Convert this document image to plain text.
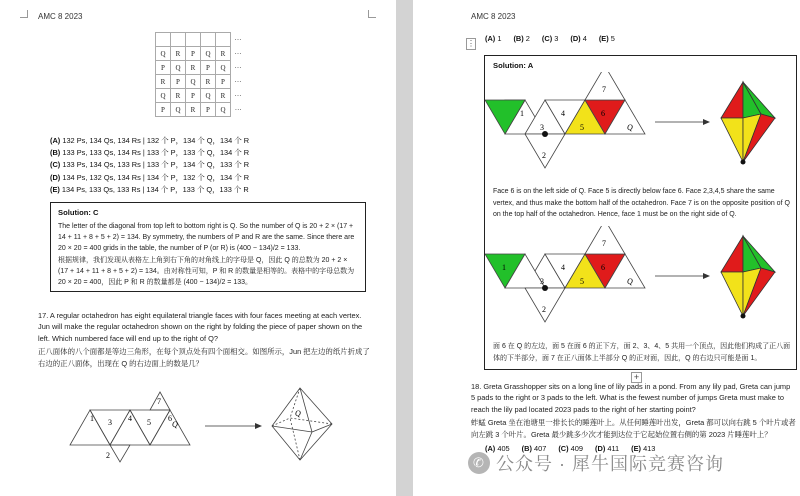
AMC 8 2023
					⋯
Q	R	P	Q	R	⋯
P	Q	R	P	Q	⋯
R	P	Q	R	P	⋯
Q	R	P	Q	R	⋯
P	Q	R	P	Q	⋯
(A) 132 Ps, 134 Qs, 134 Rs | 132 个 P，134 个 Q，134 个 R
(B) 133 Ps, 133 Qs, 134 Rs | 133 个 P，133 个 Q，134 个 R
(C) 133 Ps, 134 Qs, 133 Rs | 133 个 P，134 个 Q，133 个 R
(D) 134 Ps, 132 Qs, 134 Rs | 134 个 P，132 个 Q，134 个 R
(E) 134 Ps, 133 Qs, 133 Rs | 134 个 P，133 个 Q，133 个 R
Solution: C
The letter of the diagonal from top left to bottom right is Q. So the number of Q is 20 + 2 × (17 + 14 + 11 + 8 + 5 + 2) = 134. By symmetry, the numbers of P and R are the same. Since there are 20 × 20 = 400 grids in the table, the number of P (or R) is (400 − 134)/2 = 133.
根据规律，我们发现从表格左上角到右下角的对角线上的字母是 Q，因此 Q 的总数为 20 + 2 × (17 + 14 + 11 + 8 + 5 + 2) = 134。由对称性可知，P 和 R 的数量是相等的。表格中的字母总数为 20 × 20 = 400，因此 P 和 R 的数量都是 (400 − 134)/2 = 133。
17. A regular octahedron has eight equilateral triangle faces with four faces meeting at each vertex. Jun will make the regular octahedron shown on the right by folding the piece of paper shown on the left. Which numbered face will end up to the right of Q?
正八面体的八个面都是等边三角形，在每个顶点处有四个面相交。如图所示，Jun 把左边的纸片折成了右边的正八面体，出现在 Q 的右边面上的数是几？
1 3 4 5 6
7
2
Q
Q
AMC 8 2023
⋮
(A) 1 (B) 2 (C) 3 (D) 4 (E) 5
Solution: A
3
4
5
6
7
2
1
Q
Face 6 is on the left side of Q. Face 5 is directly below face 6. Face 2,3,4,5 share the same vertex, and thus make the bottom half of the octahedron. Face 7 is on the opposite position of Q on the top half of the octahedron. Hence, face 1 must be on the right side of Q.
1
3
4
5
6
7
2
Q
面 6 在 Q 的左边，面 5 在面 6 的正下方，面 2、3、4、5 共用一个顶点，因此他们构成了正八面体的下半部分，面 7 在正八面体上半部分 Q 的正对面，因此，Q 的右边只可能是面 1。
+
18. Greta Grasshopper sits on a long line of lily pads in a pond. From any lily pad, Greta can jump 5 pads to the right or 3 pads to the left. What is the fewest number of jumps Greta must make to reach the lily pad located 2023 pads to the right of her starting point?
蚱蜢 Greta 坐在池塘里一排长长的睡莲叶上。从任何睡莲叶出发，Greta 都可以向右跳 5 个叶片或者向左跳 3 个叶片。Greta 最少跳多少次才能到达位于它起始位置右侧的第 2023 片睡莲叶上？
(A) 405 (B) 407 (C) 409 (D) 411 (E) 413
✆ 公众号 · 犀牛国际竞赛咨询
